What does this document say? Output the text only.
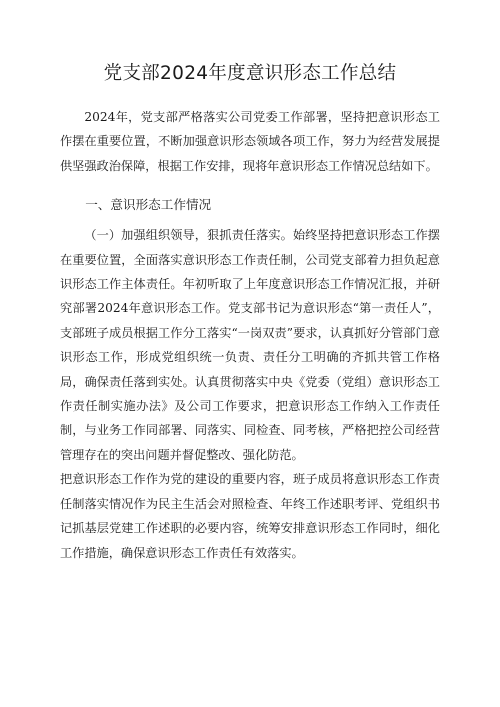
党支部2024年度意识形态工作总结

2024年，党支部严格落实公司党委工作部署，坚持把意识形态工作摆在重要位置，不断加强意识形态领域各项工作，努力为经营发展提供坚强政治保障，根据工作安排，现将年意识形态工作情况总结如下。

一、意识形态工作情况

（一）加强组织领导，狠抓责任落实。始终坚持把意识形态工作摆在重要位置，全面落实意识形态工作责任制，公司党支部着力担负起意识形态工作主体责任。年初听取了上年度意识形态工作情况汇报，并研究部署2024年意识形态工作。党支部书记为意识形态“第一责任人”，支部班子成员根据工作分工落实“一岗双责”要求，认真抓好分管部门意识形态工作，形成党组织统一负责、责任分工明确的齐抓共管工作格局，确保责任落到实处。认真贯彻落实中央《党委（党组）意识形态工作责任制实施办法》及公司工作要求，把意识形态工作纳入工作责任制，与业务工作同部署、同落实、同检查、同考核，严格把控公司经营管理存在的突出问题并督促整改、强化防范。

把意识形态工作作为党的建设的重要内容，班子成员将意识形态工作责任制落实情况作为民主生活会对照检查、年终工作述职考评、党组织书记抓基层党建工作述职的必要内容，统筹安排意识形态工作同时，细化工作措施，确保意识形态工作责任有效落实。
